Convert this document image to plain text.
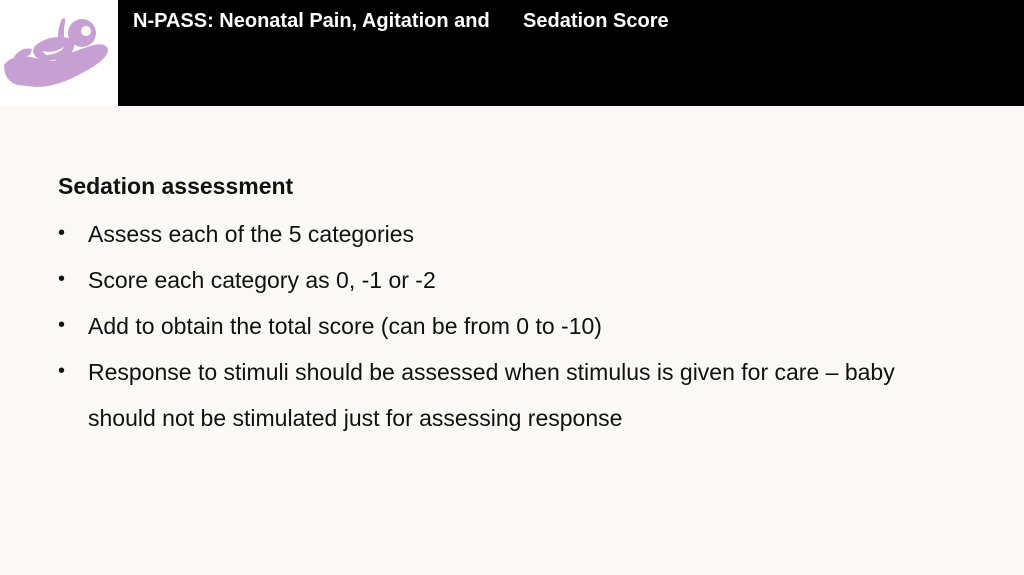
N-PASS: Neonatal Pain, Agitation and      Sedation Score
Sedation assessment
• Assess each of the 5 categories
• Score each category as 0, -1 or -2
• Add to obtain the total score (can be from 0 to -10)
• Response to stimuli should be assessed when stimulus is given for care – baby should not be stimulated just for assessing response
